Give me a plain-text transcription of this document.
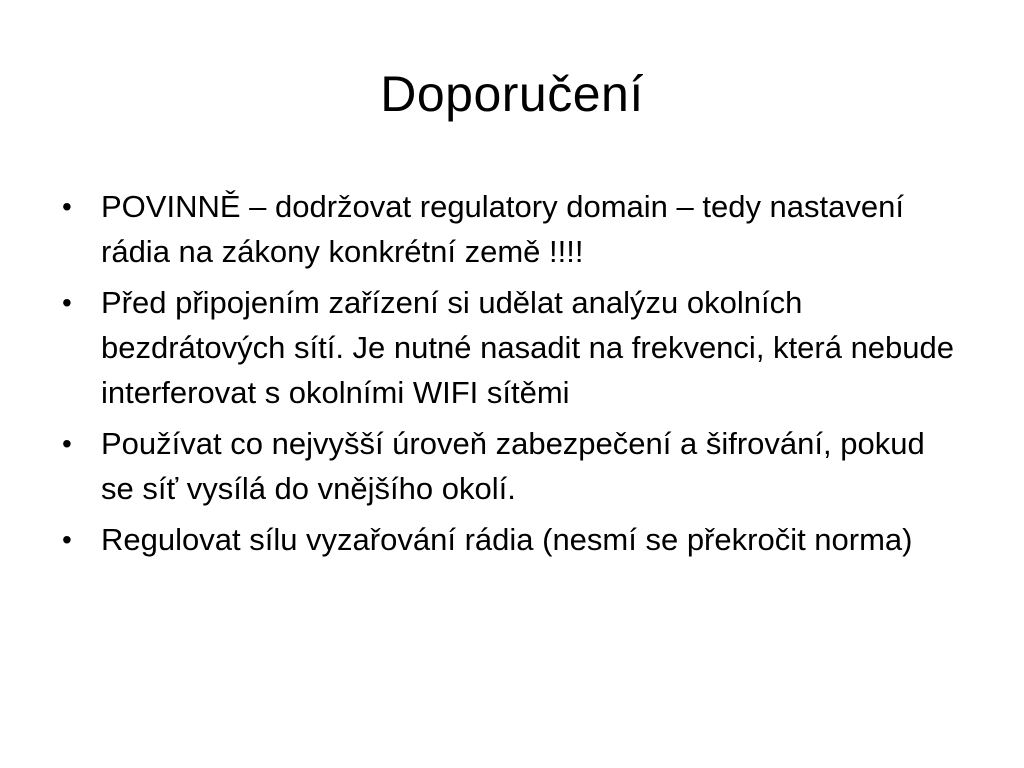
Doporučení
• POVINNĚ – dodržovat regulatory domain – tedy nastavení rádia na zákony konkrétní země !!!!
• Před připojením zařízení si udělat analýzu okolních bezdrátových sítí. Je nutné nasadit na frekvenci, která nebude interferovat s okolními WIFI sítěmi
• Používat co nejvyšší úroveň zabezpečení a šifrování, pokud se síť vysílá do vnějšího okolí.
• Regulovat sílu vyzařování rádia (nesmí se překročit norma)
